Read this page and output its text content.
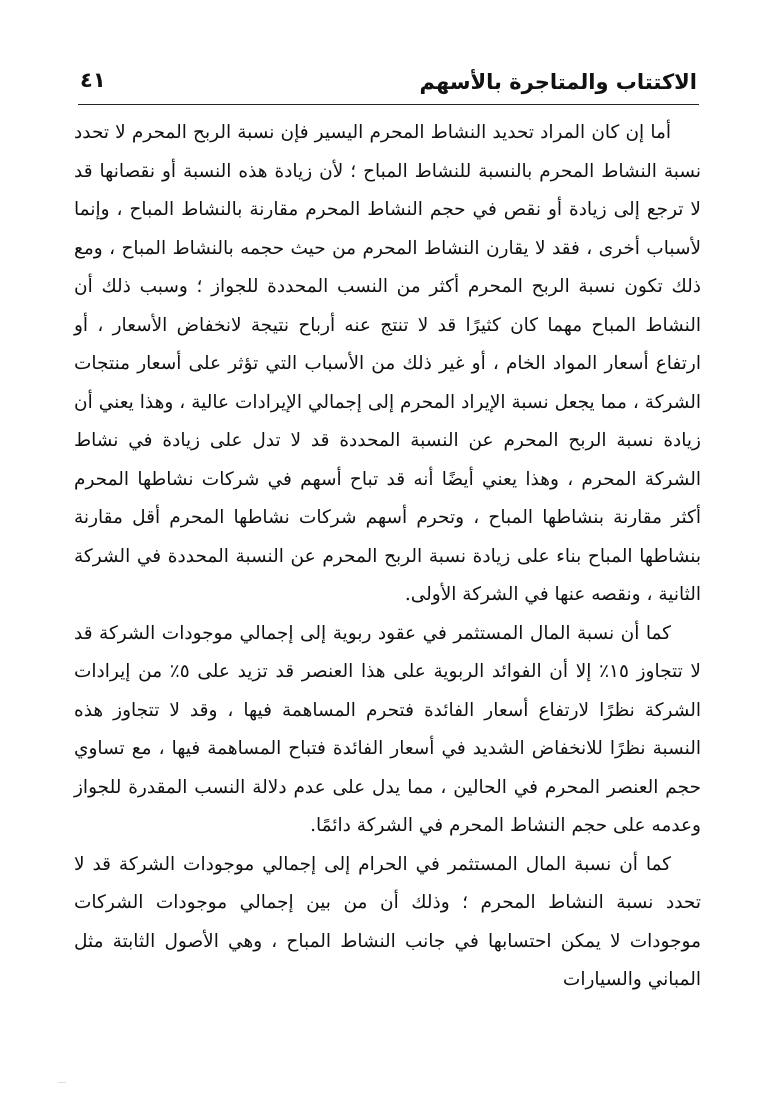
الاكتتاب والمتاجرة بالأسهم
٤١

أما إن كان المراد تحديد النشاط المحرم اليسير فإن نسبة الربح المحرم لا تحدد نسبة النشاط المحرم بالنسبة للنشاط المباح ؛ لأن زيادة هذه النسبة أو نقصانها قد لا ترجع إلى زيادة أو نقص في حجم النشاط المحرم مقارنة بالنشاط المباح ، وإنما لأسباب أخرى ، فقد لا يقارن النشاط المحرم من حيث حجمه بالنشاط المباح ، ومع ذلك تكون نسبة الربح المحرم أكثر من النسب المحددة للجواز ؛ وسبب ذلك أن النشاط المباح مهما كان كثيرًا قد لا تنتج عنه أرباح نتيجة لانخفاض الأسعار ، أو ارتفاع أسعار المواد الخام ، أو غير ذلك من الأسباب التي تؤثر على أسعار منتجات الشركة ، مما يجعل نسبة الإيراد المحرم إلى إجمالي الإيرادات عالية ، وهذا يعني أن زيادة نسبة الربح المحرم عن النسبة المحددة قد لا تدل على زيادة في نشاط الشركة المحرم ، وهذا يعني أيضًا أنه قد تباح أسهم في شركات نشاطها المحرم أكثر مقارنة بنشاطها المباح ، وتحرم أسهم شركات نشاطها المحرم أقل مقارنة بنشاطها المباح بناء على زيادة نسبة الربح المحرم عن النسبة المحددة في الشركة الثانية ، ونقصه عنها في الشركة الأولى.

كما أن نسبة المال المستثمر في عقود ربوية إلى إجمالي موجودات الشركة قد لا تتجاوز ١٥٪ إلا أن الفوائد الربوية على هذا العنصر قد تزيد على ٥٪ من إيرادات الشركة نظرًا لارتفاع أسعار الفائدة فتحرم المساهمة فيها ، وقد لا تتجاوز هذه النسبة نظرًا للانخفاض الشديد في أسعار الفائدة فتباح المساهمة فيها ، مع تساوي حجم العنصر المحرم في الحالين ، مما يدل على عدم دلالة النسب المقدرة للجواز وعدمه على حجم النشاط المحرم في الشركة دائمًا.

كما أن نسبة المال المستثمر في الحرام إلى إجمالي موجودات الشركة قد لا تحدد نسبة النشاط المحرم ؛ وذلك أن من بين إجمالي موجودات الشركات موجودات لا يمكن احتسابها في جانب النشاط المباح ، وهي الأصول الثابتة مثل المباني والسيارات
